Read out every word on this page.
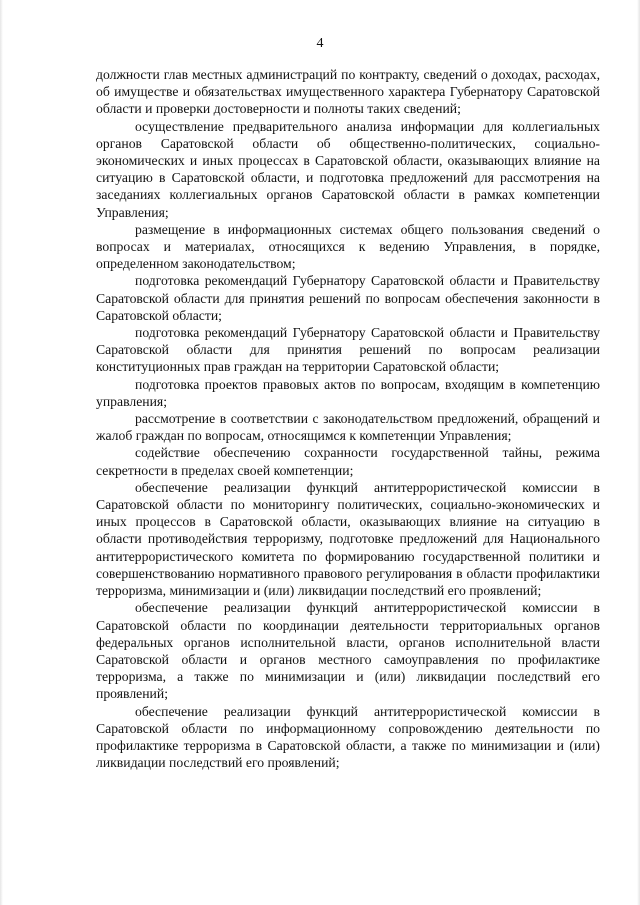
4

должности глав местных администраций по контракту, сведений о доходах, расходах, об имуществе и обязательствах имущественного характера Губернатору Саратовской области и проверки достоверности и полноты таких сведений;

осуществление предварительного анализа информации для коллегиальных органов Саратовской области об общественно-политических, социально-экономических и иных процессах в Саратовской области, оказывающих влияние на ситуацию в Саратовской области, и подготовка предложений для рассмотрения на заседаниях коллегиальных органов Саратовской области в рамках компетенции Управления;

размещение в информационных системах общего пользования сведений о вопросах и материалах, относящихся к ведению Управления, в порядке, определенном законодательством;

подготовка рекомендаций Губернатору Саратовской области и Правительству Саратовской области для принятия решений по вопросам обеспечения законности в Саратовской области;

подготовка рекомендаций Губернатору Саратовской области и Правительству Саратовской области для принятия решений по вопросам реализации конституционных прав граждан на территории Саратовской области;

подготовка проектов правовых актов по вопросам, входящим в компетенцию управления;

рассмотрение в соответствии с законодательством предложений, обращений и жалоб граждан по вопросам, относящимся к компетенции Управления;

содействие обеспечению сохранности государственной тайны, режима секретности в пределах своей компетенции;

обеспечение реализации функций антитеррористической комиссии в Саратовской области по мониторингу политических, социально-экономических и иных процессов в Саратовской области, оказывающих влияние на ситуацию в области противодействия терроризму, подготовке предложений для Национального антитеррористического комитета по формированию государственной политики и совершенствованию нормативного правового регулирования в области профилактики терроризма, минимизации и (или) ликвидации последствий его проявлений;

обеспечение реализации функций антитеррористической комиссии в Саратовской области по координации деятельности территориальных органов федеральных органов исполнительной власти, органов исполнительной власти Саратовской области и органов местного самоуправления по профилактике терроризма, а также по минимизации и (или) ликвидации последствий его проявлений;

обеспечение реализации функций антитеррористической комиссии в Саратовской области по информационному сопровождению деятельности по профилактике терроризма в Саратовской области, а также по минимизации и (или) ликвидации последствий его проявлений;
